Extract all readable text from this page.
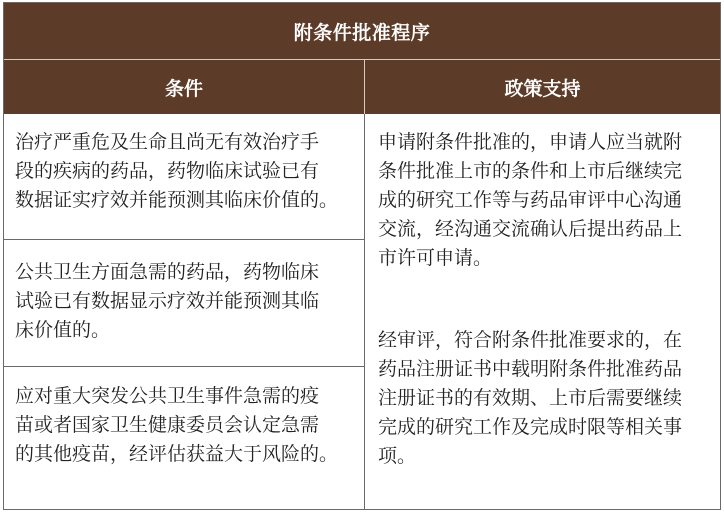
附条件批准程序
条件	政策支持
治疗严重危及生命且尚无有效治疗手
段的疾病的药品，药物临床试验已有
数据证实疗效并能预测其临床价值的。
公共卫生方面急需的药品，药物临床
试验已有数据显示疗效并能预测其临
床价值的。
应对重大突发公共卫生事件急需的疫
苗或者国家卫生健康委员会认定急需
的其他疫苗，经评估获益大于风险的。
申请附条件批准的，申请人应当就附
条件批准上市的条件和上市后继续完
成的研究工作等与药品审评中心沟通
交流，经沟通交流确认后提出药品上
市许可申请。
经审评，符合附条件批准要求的，在
药品注册证书中载明附条件批准药品
注册证书的有效期、上市后需要继续
完成的研究工作及完成时限等相关事
项。
